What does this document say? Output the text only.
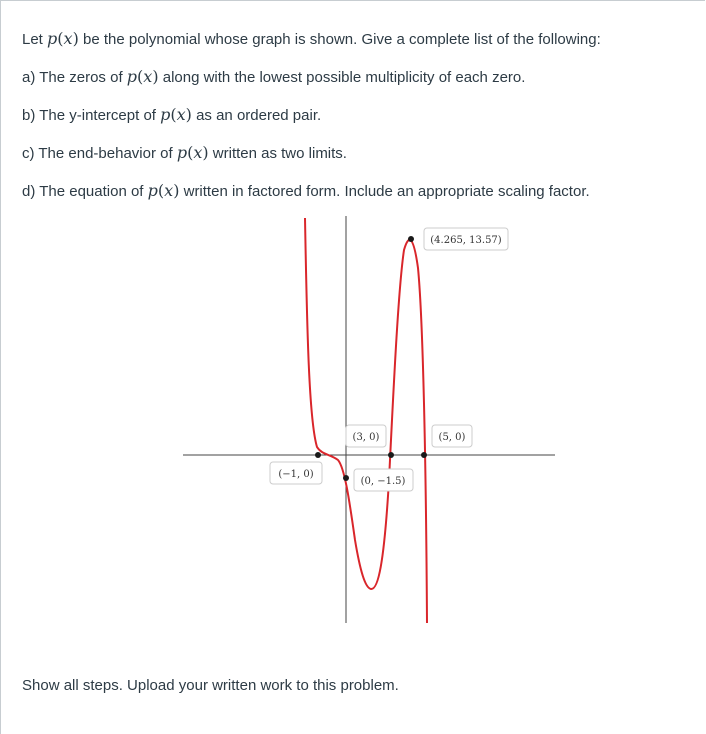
Let p(x) be the polynomial whose graph is shown. Give a complete list of the following:
a) The zeros of p(x) along with the lowest possible multiplicity of each zero.
b) The y-intercept of p(x) as an ordered pair.
c) The end-behavior of p(x) written as two limits.
d) The equation of p(x) written in factored form. Include an appropriate scaling factor.
(4.265, 13.57)
(3, 0)	(5, 0)
(−1, 0)
(0, −1.5)
Show all steps. Upload your written work to this problem.
